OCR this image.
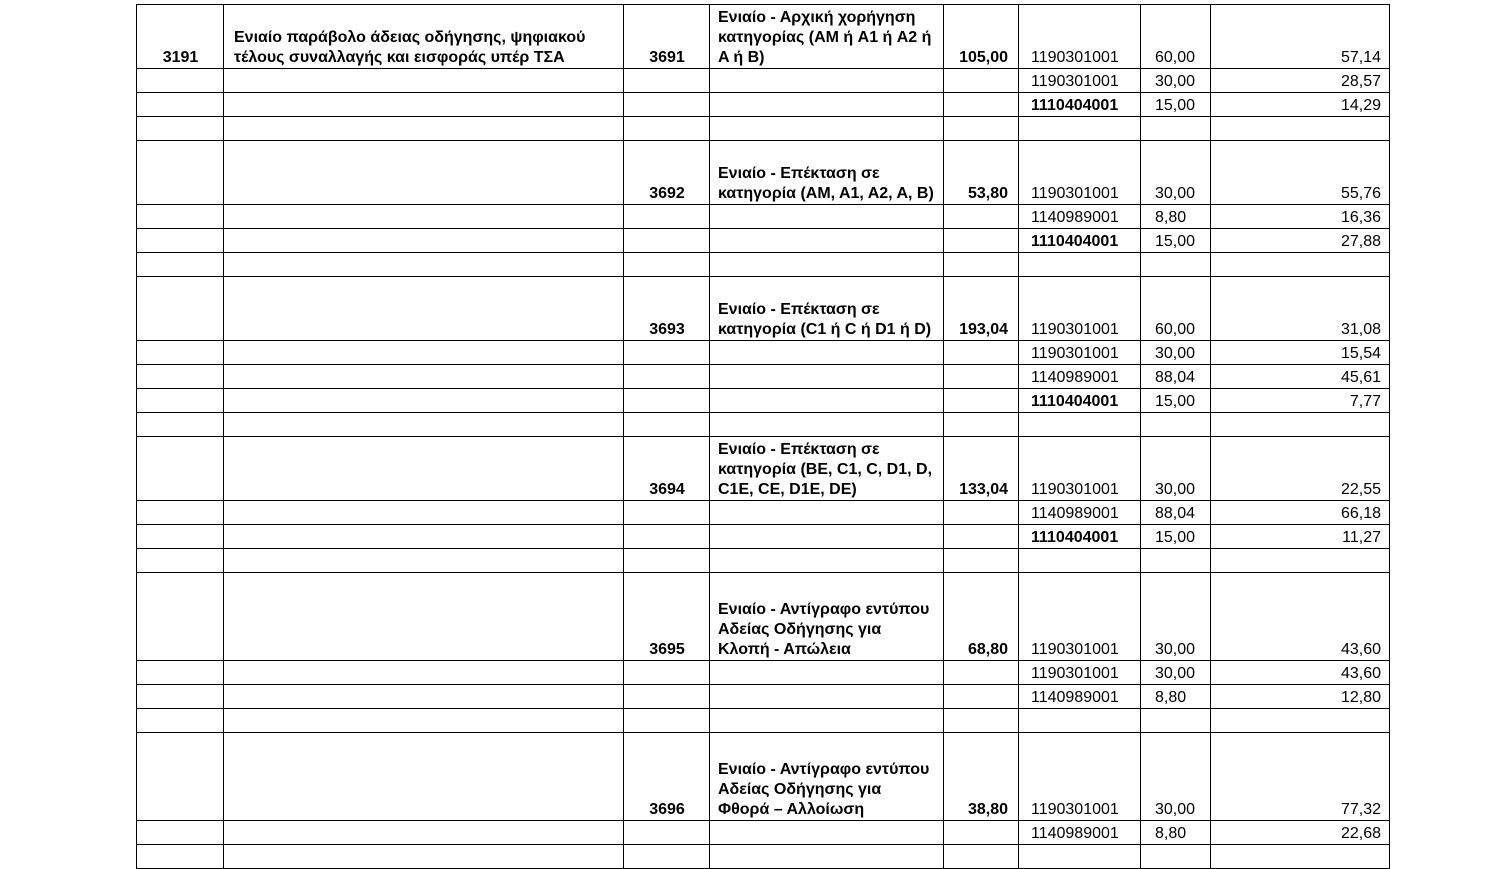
3191	Ενιαίο παράβολο άδειας οδήγησης, ψηφιακού τέλους συναλλαγής και εισφοράς υπέρ ΤΣΑ	3691	Ενιαίο - Αρχική χορήγηση κατηγορίας (AM ή A1 ή A2 ή A ή B)	105,00	1190301001	60,00	57,14
					1190301001	30,00	28,57
					1110404001	15,00	14,29

		3692	Ενιαίο - Επέκταση σε κατηγορία (AM, A1, A2, A, B)	53,80	1190301001	30,00	55,76
					1140989001	8,80	16,36
					1110404001	15,00	27,88

		3693	Ενιαίο - Επέκταση σε κατηγορία (C1 ή C ή D1 ή D)	193,04	1190301001	60,00	31,08
					1190301001	30,00	15,54
					1140989001	88,04	45,61
					1110404001	15,00	7,77

		3694	Ενιαίο - Επέκταση σε κατηγορία (BE, C1, C, D1, D, C1E, CE, D1E, DE)	133,04	1190301001	30,00	22,55
					1140989001	88,04	66,18
					1110404001	15,00	11,27

		3695	Ενιαίο - Αντίγραφο εντύπου Αδείας Οδήγησης για Κλοπή - Απώλεια	68,80	1190301001	30,00	43,60
					1190301001	30,00	43,60
					1140989001	8,80	12,80

		3696	Ενιαίο - Αντίγραφο εντύπου Αδείας Οδήγησης για Φθορά – Αλλοίωση	38,80	1190301001	30,00	77,32
					1140989001	8,80	22,68
